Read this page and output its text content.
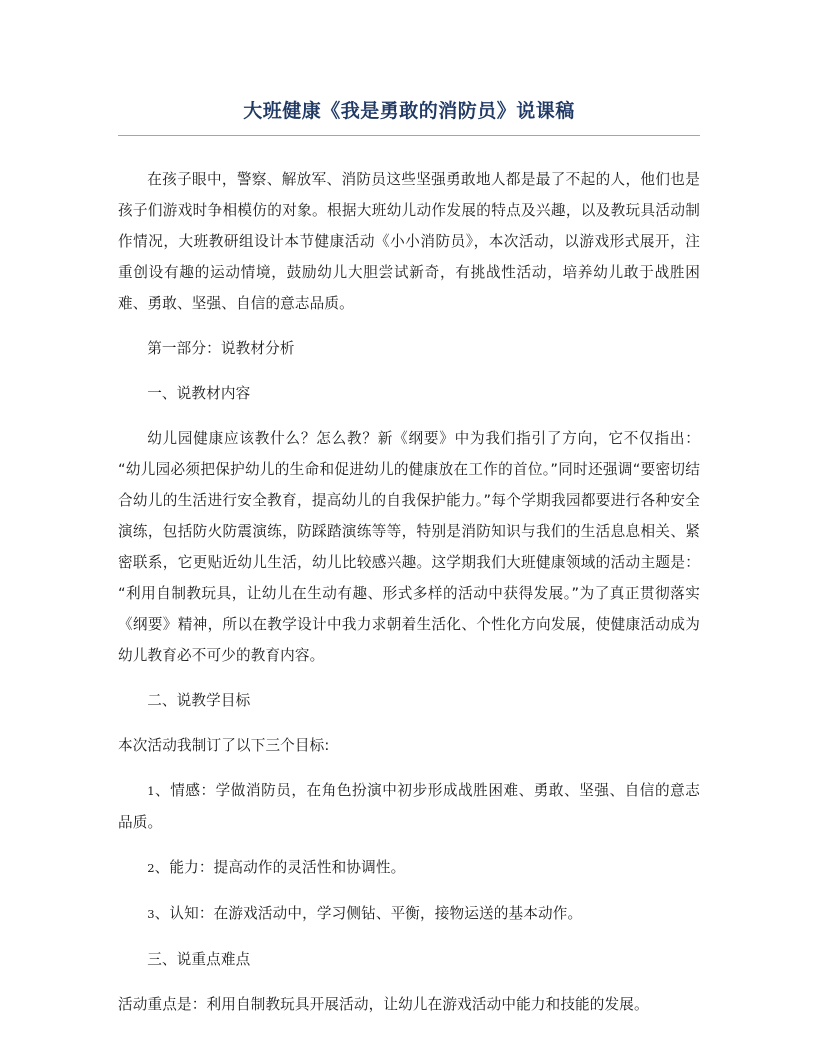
大班健康《我是勇敢的消防员》说课稿

在孩子眼中，警察、解放军、消防员这些坚强勇敢地人都是最了不起的人，他们也是孩子们游戏时争相模仿的对象。根据大班幼儿动作发展的特点及兴趣，以及教玩具活动制作情况，大班教研组设计本节健康活动《小小消防员》，本次活动，以游戏形式展开，注重创设有趣的运动情境，鼓励幼儿大胆尝试新奇，有挑战性活动，培养幼儿敢于战胜困难、勇敢、坚强、自信的意志品质。

第一部分：说教材分析

一、说教材内容

幼儿园健康应该教什么？怎么教？新《纲要》中为我们指引了方向，它不仅指出：“幼儿园必须把保护幼儿的生命和促进幼儿的健康放在工作的首位。”同时还强调“要密切结合幼儿的生活进行安全教育，提高幼儿的自我保护能力。”每个学期我园都要进行各种安全演练，包括防火防震演练，防踩踏演练等等，特别是消防知识与我们的生活息息相关、紧密联系，它更贴近幼儿生活，幼儿比较感兴趣。这学期我们大班健康领域的活动主题是：“利用自制教玩具，让幼儿在生动有趣、形式多样的活动中获得发展。”为了真正贯彻落实《纲要》精神，所以在教学设计中我力求朝着生活化、个性化方向发展，使健康活动成为幼儿教育必不可少的教育内容。

二、说教学目标

本次活动我制订了以下三个目标:

1、情感：学做消防员，在角色扮演中初步形成战胜困难、勇敢、坚强、自信的意志品质。

2、能力：提高动作的灵活性和协调性。

3、认知：在游戏活动中，学习侧钻、平衡，接物运送的基本动作。

三、说重点难点

活动重点是：利用自制教玩具开展活动，让幼儿在游戏活动中能力和技能的发展。
